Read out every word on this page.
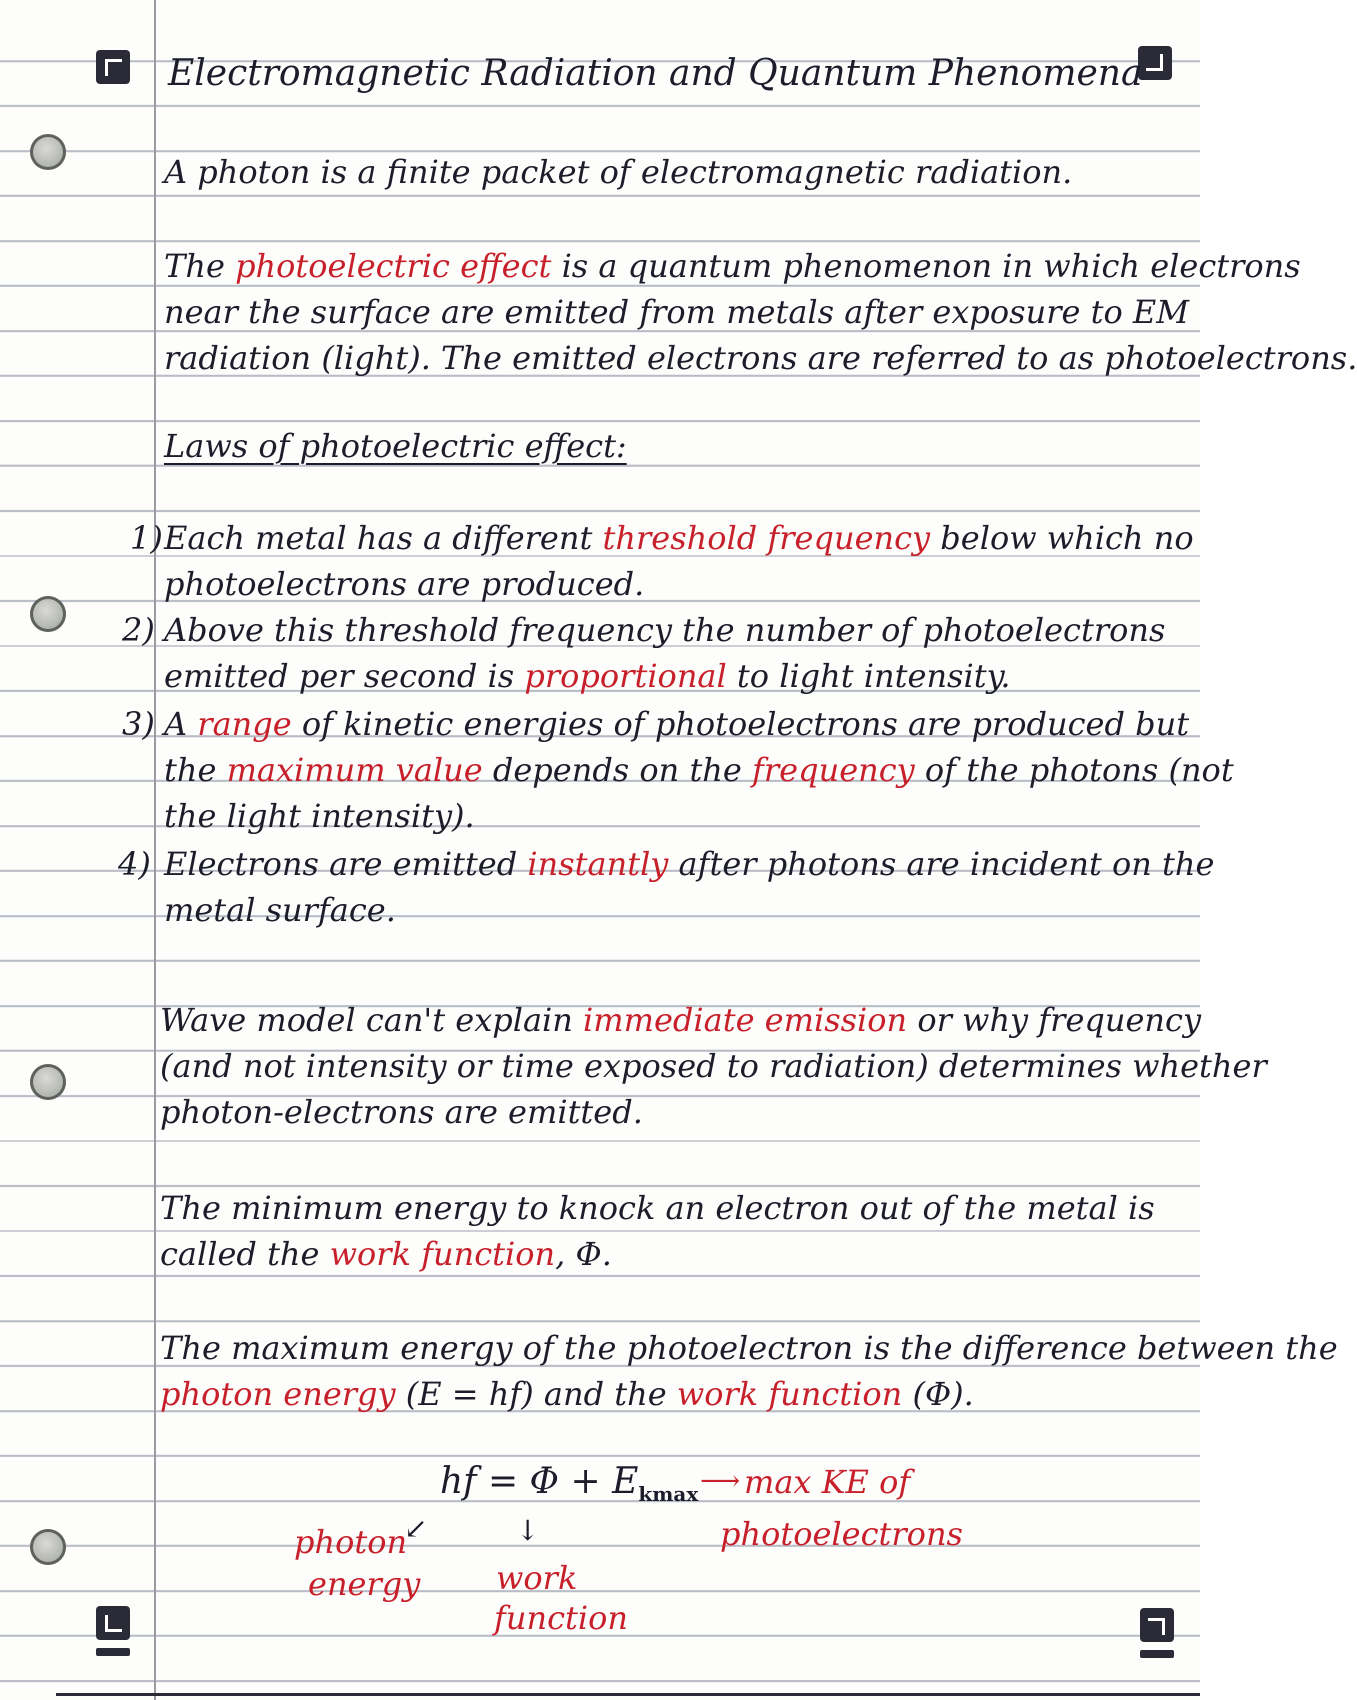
Electromagnetic Radiation and Quantum Phenomena
A photon is a finite packet of electromagnetic radiation.
The photoelectric effect is a quantum phenomenon in which electrons
near the surface are emitted from metals after exposure to EM
radiation (light). The emitted electrons are referred to as photoelectrons.
Laws of photoelectric effect:
1) Each metal has a different threshold frequency below which no
photoelectrons are produced.
2) Above this threshold frequency the number of photoelectrons
emitted per second is proportional to light intensity.
3) A range of kinetic energies of photoelectrons are produced but
the maximum value depends on the frequency of the photons (not
the light intensity).
4) Electrons are emitted instantly after photons are incident on the
metal surface.
Wave model can't explain immediate emission or why frequency
(and not intensity or time exposed to radiation) determines whether
photon-electrons are emitted.
The minimum energy to knock an electron out of the metal is
called the work function, Φ.
The maximum energy of the photoelectron is the difference between the
photon energy (E = hf) and the work function (Φ).
hf = $\Phi + E_{kmax}$ ⟶ max KE of
photoelectrons
↙
photon
energy
↓
work
function
